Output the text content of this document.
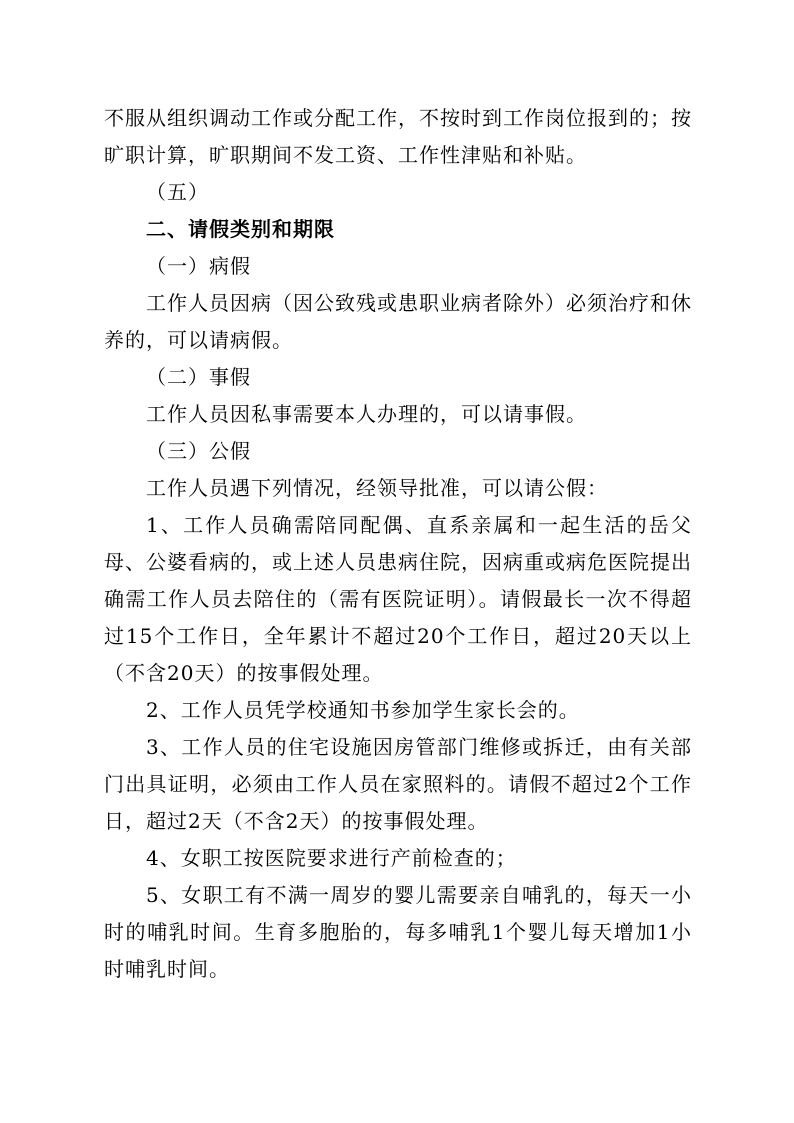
不服从组织调动工作或分配工作，不按时到工作岗位报到的；按旷职计算，旷职期间不发工资、工作性津贴和补贴。

（五）

二、请假类别和期限

（一）病假

工作人员因病（因公致残或患职业病者除外）必须治疗和休养的，可以请病假。

（二）事假

工作人员因私事需要本人办理的，可以请事假。

（三）公假

工作人员遇下列情况，经领导批准，可以请公假：

1、工作人员确需陪同配偶、直系亲属和一起生活的岳父母、公婆看病的，或上述人员患病住院，因病重或病危医院提出确需工作人员去陪住的（需有医院证明）。请假最长一次不得超过15个工作日，全年累计不超过20个工作日，超过20天以上（不含20天）的按事假处理。

2、工作人员凭学校通知书参加学生家长会的。

3、工作人员的住宅设施因房管部门维修或拆迁，由有关部门出具证明，必须由工作人员在家照料的。请假不超过2个工作日，超过2天（不含2天）的按事假处理。

4、女职工按医院要求进行产前检查的；

5、女职工有不满一周岁的婴儿需要亲自哺乳的，每天一小时的哺乳时间。生育多胞胎的，每多哺乳1个婴儿每天增加1小时哺乳时间。
